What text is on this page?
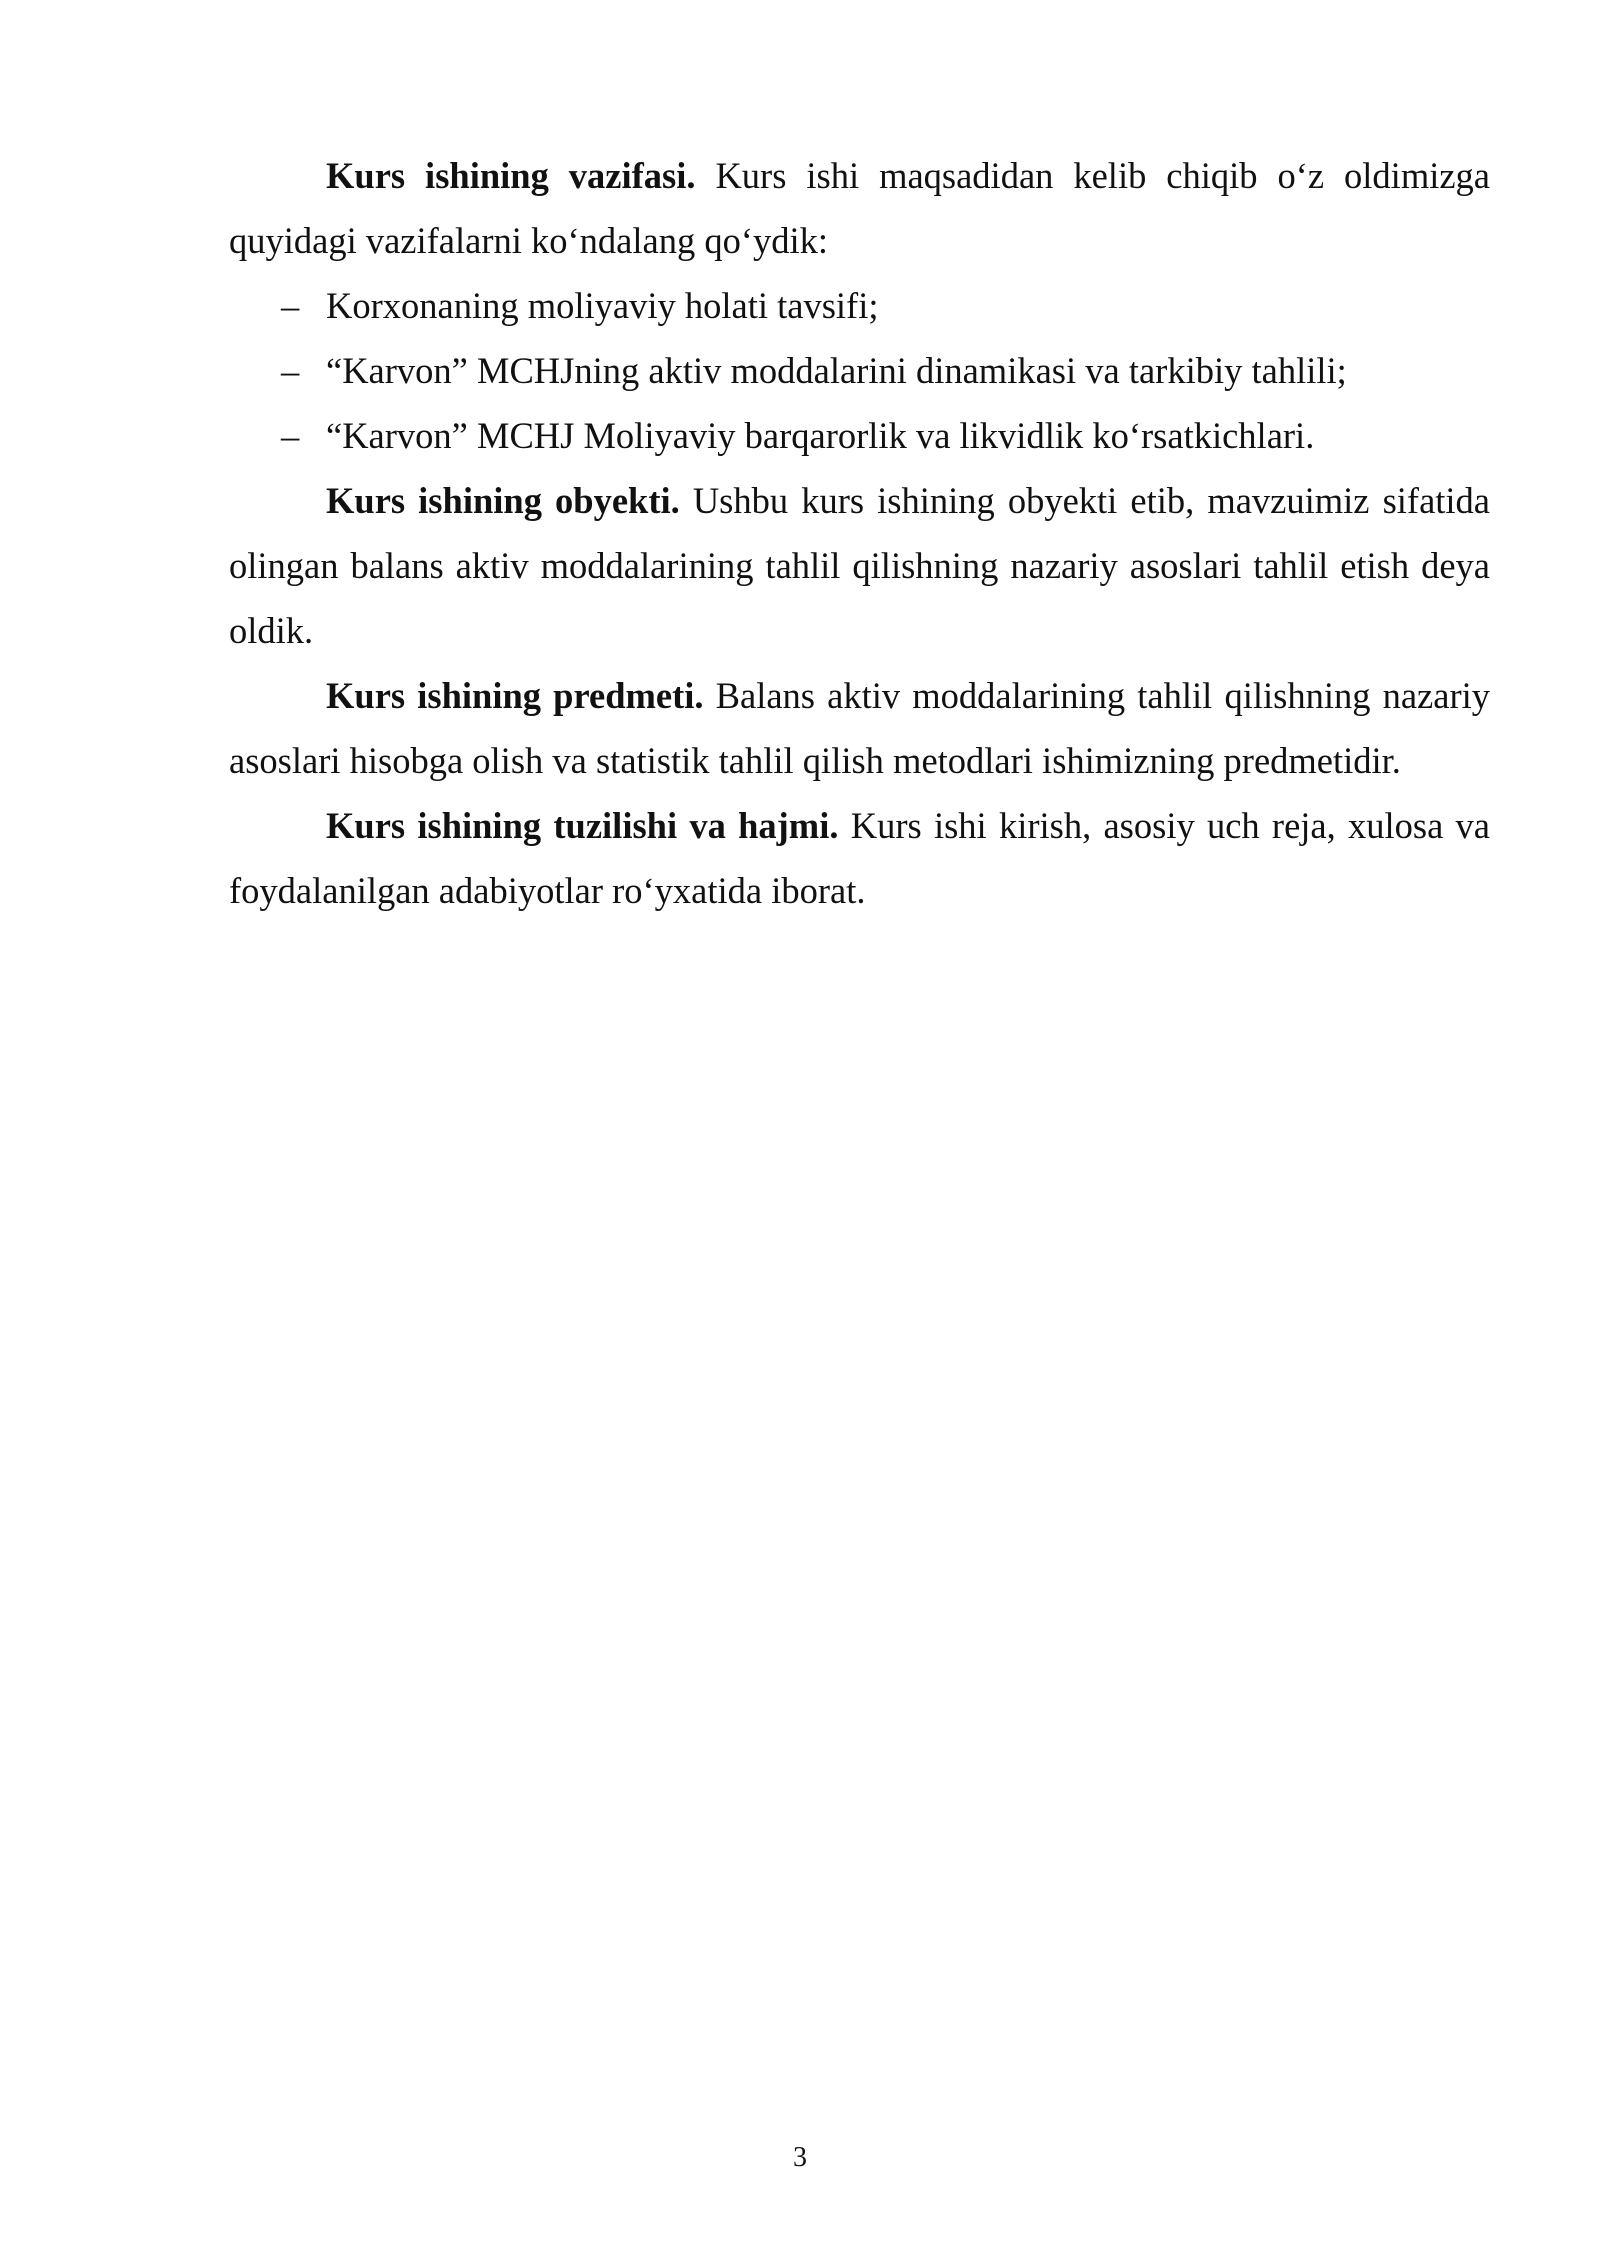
Kurs ishining vazifasi. Kurs ishi maqsadidan kelib chiqib o‘z oldimizga quyidagi vazifalarni ko‘ndalang qo‘ydik:

– Korxonaning moliyaviy holati tavsifi;
– “Karvon” MCHJning aktiv moddalarini dinamikasi va tarkibiy tahlili;
– “Karvon” MCHJ Moliyaviy barqarorlik va likvidlik ko‘rsatkichlari.

Kurs ishining obyekti. Ushbu kurs ishining obyekti etib, mavzuimiz sifatida olingan balans aktiv moddalarining tahlil qilishning nazariy asoslari tahlil etish deya oldik.

Kurs ishining predmeti. Balans aktiv moddalarining tahlil qilishning nazariy asoslari hisobga olish va statistik tahlil qilish metodlari ishimizning predmetidir.

Kurs ishining tuzilishi va hajmi. Kurs ishi kirish, asosiy uch reja, xulosa va foydalanilgan adabiyotlar ro‘yxatida iborat.

3
